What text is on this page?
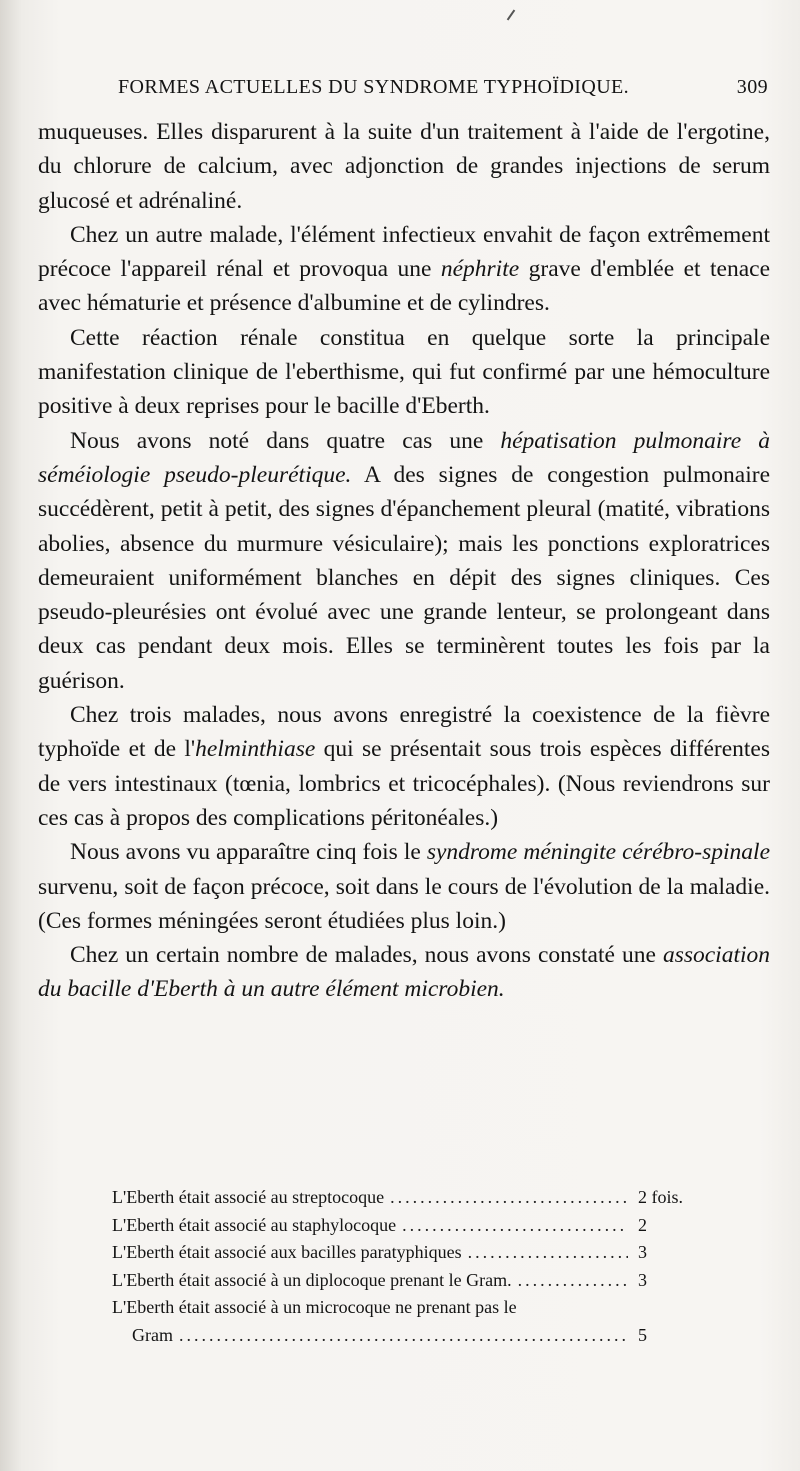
FORMES ACTUELLES DU SYNDROME TYPHOÏDIQUE.	309

muqueuses. Elles disparurent à la suite d'un traitement à l'aide de l'ergotine, du chlorure de calcium, avec adjonction de grandes injections de serum glucosé et adrénaliné.

Chez un autre malade, l'élément infectieux envahit de façon extrêmement précoce l'appareil rénal et provoqua une néphrite grave d'emblée et tenace avec hématurie et présence d'albumine et de cylindres.

Cette réaction rénale constitua en quelque sorte la principale manifestation clinique de l'eberthisme, qui fut confirmé par une hémoculture positive à deux reprises pour le bacille d'Eberth.

Nous avons noté dans quatre cas une hépatisation pulmonaire à séméiologie pseudo-pleurétique. A des signes de congestion pulmonaire succédèrent, petit à petit, des signes d'épanchement pleural (matité, vibrations abolies, absence du murmure vésiculaire); mais les ponctions exploratrices demeuraient uniformément blanches en dépit des signes cliniques. Ces pseudo-pleurésies ont évolué avec une grande lenteur, se prolongeant dans deux cas pendant deux mois. Elles se terminèrent toutes les fois par la guérison.

Chez trois malades, nous avons enregistré la coexistence de la fièvre typhoïde et de l'helminthiase qui se présentait sous trois espèces différentes de vers intestinaux (tœnia, lombrics et tricocéphales). (Nous reviendrons sur ces cas à propos des complications péritonéales.)

Nous avons vu apparaître cinq fois le syndrome méningite cérébro-spinale survenu, soit de façon précoce, soit dans le cours de l'évolution de la maladie. (Ces formes méningées seront étudiées plus loin.)

Chez un certain nombre de malades, nous avons constaté une association du bacille d'Eberth à un autre élément microbien.

L'Eberth était associé au streptocoque .....	2 fois.
L'Eberth était associé au staphylocoque .....	2
L'Eberth était associé aux bacilles paratyphiques .....	3
L'Eberth était associé à un diplocoque prenant le Gram. .....	3
L'Eberth était associé à un microcoque ne prenant pas le
Gram .....	5
